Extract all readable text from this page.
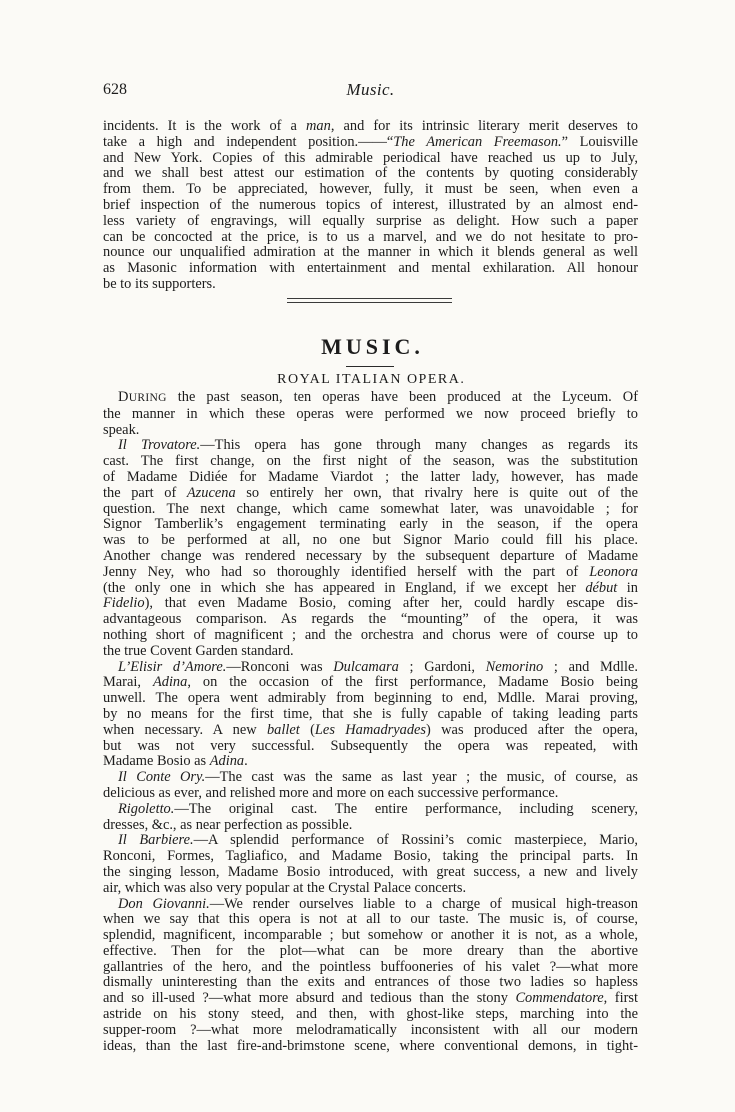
628	Music.
incidents. It is the work of a man, and for its intrinsic literary merit deserves to
take a high and independent position.——“The American Freemason.” Louisville
and New York. Copies of this admirable periodical have reached us up to July,
and we shall best attest our estimation of the contents by quoting considerably
from them. To be appreciated, however, fully, it must be seen, when even a
brief inspection of the numerous topics of interest, illustrated by an almost end-
less variety of engravings, will equally surprise as delight. How such a paper
can be concocted at the price, is to us a marvel, and we do not hesitate to pro-
nounce our unqualified admiration at the manner in which it blends general as well
as Masonic information with entertainment and mental exhilaration. All honour
be to its supporters.
MUSIC.
ROYAL ITALIAN OPERA.
DURING the past season, ten operas have been produced at the Lyceum. Of
the manner in which these operas were performed we now proceed briefly to
speak.
Il Trovatore.—This opera has gone through many changes as regards its
cast. The first change, on the first night of the season, was the substitution
of Madame Didiée for Madame Viardot ; the latter lady, however, has made
the part of Azucena so entirely her own, that rivalry here is quite out of the
question. The next change, which came somewhat later, was unavoidable ; for
Signor Tamberlik’s engagement terminating early in the season, if the opera
was to be performed at all, no one but Signor Mario could fill his place.
Another change was rendered necessary by the subsequent departure of Madame
Jenny Ney, who had so thoroughly identified herself with the part of Leonora
(the only one in which she has appeared in England, if we except her début in
Fidelio), that even Madame Bosio, coming after her, could hardly escape dis-
advantageous comparison. As regards the “mounting” of the opera, it was
nothing short of magnificent ; and the orchestra and chorus were of course up to
the true Covent Garden standard.
L’Elisir d’Amore.—Ronconi was Dulcamara ; Gardoni, Nemorino ; and Mdlle.
Marai, Adina, on the occasion of the first performance, Madame Bosio being
unwell. The opera went admirably from beginning to end, Mdlle. Marai proving,
by no means for the first time, that she is fully capable of taking leading parts
when necessary. A new ballet (Les Hamadryades) was produced after the opera,
but was not very successful. Subsequently the opera was repeated, with
Madame Bosio as Adina.
Il Conte Ory.—The cast was the same as last year ; the music, of course, as
delicious as ever, and relished more and more on each successive performance.
Rigoletto.—The original cast. The entire performance, including scenery,
dresses, &c., as near perfection as possible.
Il Barbiere.—A splendid performance of Rossini’s comic masterpiece, Mario,
Ronconi, Formes, Tagliafico, and Madame Bosio, taking the principal parts. In
the singing lesson, Madame Bosio introduced, with great success, a new and lively
air, which was also very popular at the Crystal Palace concerts.
Don Giovanni.—We render ourselves liable to a charge of musical high-treason
when we say that this opera is not at all to our taste. The music is, of course,
splendid, magnificent, incomparable ; but somehow or another it is not, as a whole,
effective. Then for the plot—what can be more dreary than the abortive
gallantries of the hero, and the pointless buffooneries of his valet ?—what more
dismally uninteresting than the exits and entrances of those two ladies so hapless
and so ill-used ?—what more absurd and tedious than the stony Commendatore, first
astride on his stony steed, and then, with ghost-like steps, marching into the
supper-room ?—what more melodramatically inconsistent with all our modern
ideas, than the last fire-and-brimstone scene, where conventional demons, in tight-
